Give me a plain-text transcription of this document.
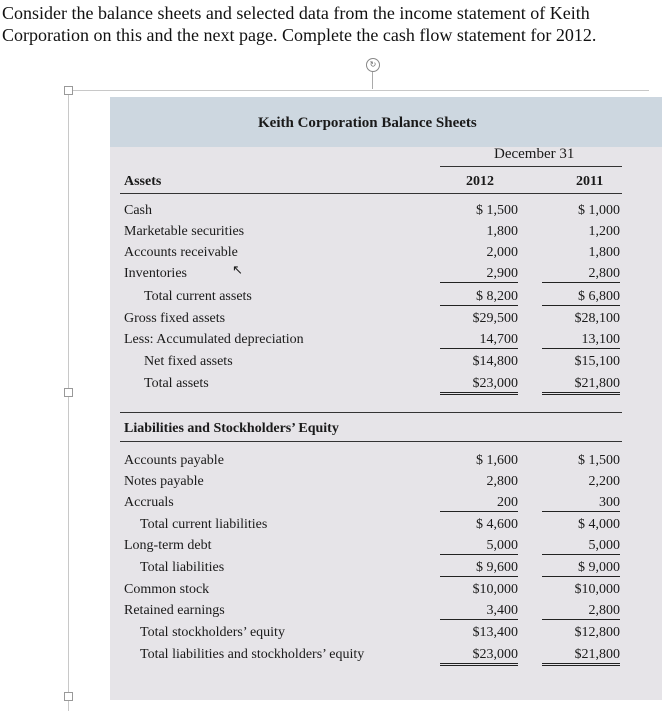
Consider the balance sheets and selected data from the income statement of Keith
Corporation on this and the next page. Complete the cash flow statement for 2012.
↻
Keith Corporation Balance Sheets
December 31
Assets	2012	2011
Cash	$ 1,500	$ 1,000
Marketable securities	1,800	1,200
Accounts receivable	2,000	1,800
Inventories	2,900	2,800
↖
Total current assets	$ 8,200	$ 6,800
Gross fixed assets	$29,500	$28,100
Less: Accumulated depreciation	14,700	13,100
Net fixed assets	$14,800	$15,100
Total assets	$23,000	$21,800
Liabilities and Stockholders’ Equity
Accounts payable	$ 1,600	$ 1,500
Notes payable	2,800	2,200
Accruals	200	300
Total current liabilities	$ 4,600	$ 4,000
Long-term debt	5,000	5,000
Total liabilities	$ 9,600	$ 9,000
Common stock	$10,000	$10,000
Retained earnings	3,400	2,800
Total stockholders’ equity	$13,400	$12,800
Total liabilities and stockholders’ equity	$23,000	$21,800
